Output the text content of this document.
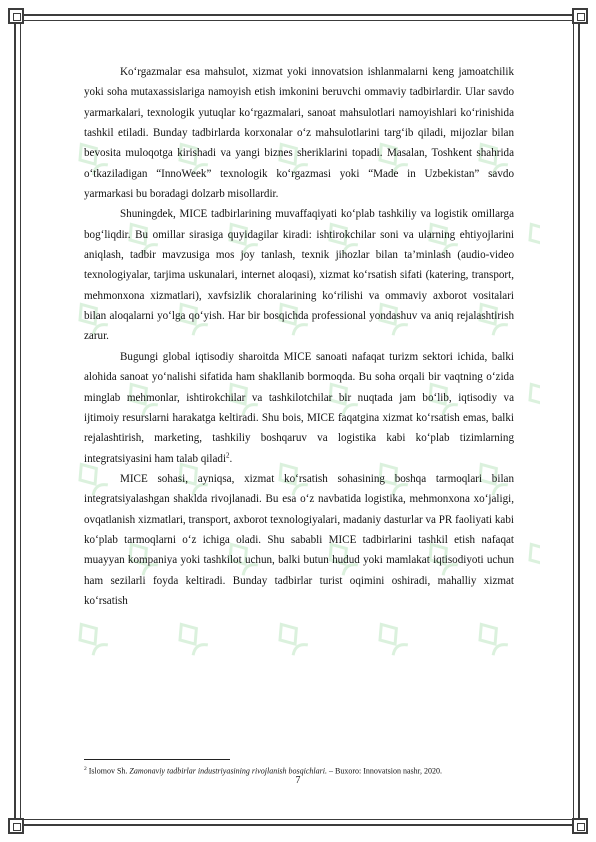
Ko‘rgazmalar esa mahsulot, xizmat yoki innovatsion ishlanmalarni keng jamoatchilik yoki soha mutaxassislariga namoyish etish imkonini beruvchi ommaviy tadbirlardir. Ular savdo yarmarkalari, texnologik yutuqlar ko‘rgazmalari, sanoat mahsulotlari namoyishlari ko‘rinishida tashkil etiladi. Bunday tadbirlarda korxonalar o‘z mahsulotlarini targ‘ib qiladi, mijozlar bilan bevosita muloqotga kirishadi va yangi biznes sheriklarini topadi. Masalan, Toshkent shahrida o‘tkaziladigan “InnoWeek” texnologik ko‘rgazmasi yoki “Made in Uzbekistan” savdo yarmarkasi bu boradagi dolzarb misollardir.

Shuningdek, MICE tadbirlarining muvaffaqiyati ko‘plab tashkiliy va logistik omillarga bog‘liqdir. Bu omillar sirasiga quyidagilar kiradi: ishtirokchilar soni va ularning ehtiyojlarini aniqlash, tadbir mavzusiga mos joy tanlash, texnik jihozlar bilan ta’minlash (audio-video texnologiyalar, tarjima uskunalari, internet aloqasi), xizmat ko‘rsatish sifati (katering, transport, mehmonxona xizmatlari), xavfsizlik choralarining ko‘rilishi va ommaviy axborot vositalari bilan aloqalarni yo‘lga qo‘yish. Har bir bosqichda professional yondashuv va aniq rejalashtirish zarur.

Bugungi global iqtisodiy sharoitda MICE sanoati nafaqat turizm sektori ichida, balki alohida sanoat yo‘nalishi sifatida ham shakllanib bormoqda. Bu soha orqali bir vaqtning o‘zida minglab mehmonlar, ishtirokchilar va tashkilotchilar bir nuqtada jam bo‘lib, iqtisodiy va ijtimoiy resurslarni harakatga keltiradi. Shu bois, MICE faqatgina xizmat ko‘rsatish emas, balki rejalashtirish, marketing, tashkiliy boshqaruv va logistika kabi ko‘plab tizimlarning integratsiyasini ham talab qiladi$^2$.

MICE sohasi, ayniqsa, xizmat ko‘rsatish sohasining boshqa tarmoqlari bilan integratsiyalashgan shaklda rivojlanadi. Bu esa o‘z navbatida logistika, mehmonxona xo‘jaligi, ovqatlanish xizmatlari, transport, axborot texnologiyalari, madaniy dasturlar va PR faoliyati kabi ko‘plab tarmoqlarni o‘z ichiga oladi. Shu sababli MICE tadbirlarini tashkil etish nafaqat muayyan kompaniya yoki tashkilot uchun, balki butun hudud yoki mamlakat iqtisodiyoti uchun ham sezilarli foyda keltiradi. Bunday tadbirlar turist oqimini oshiradi, mahalliy xizmat ko‘rsatish

$^2$ Islomov Sh. Zamonaviy tadbirlar industriyasining rivojlanish bosqichlari. – Buxoro: Innovatsion nashr, 2020.
7
